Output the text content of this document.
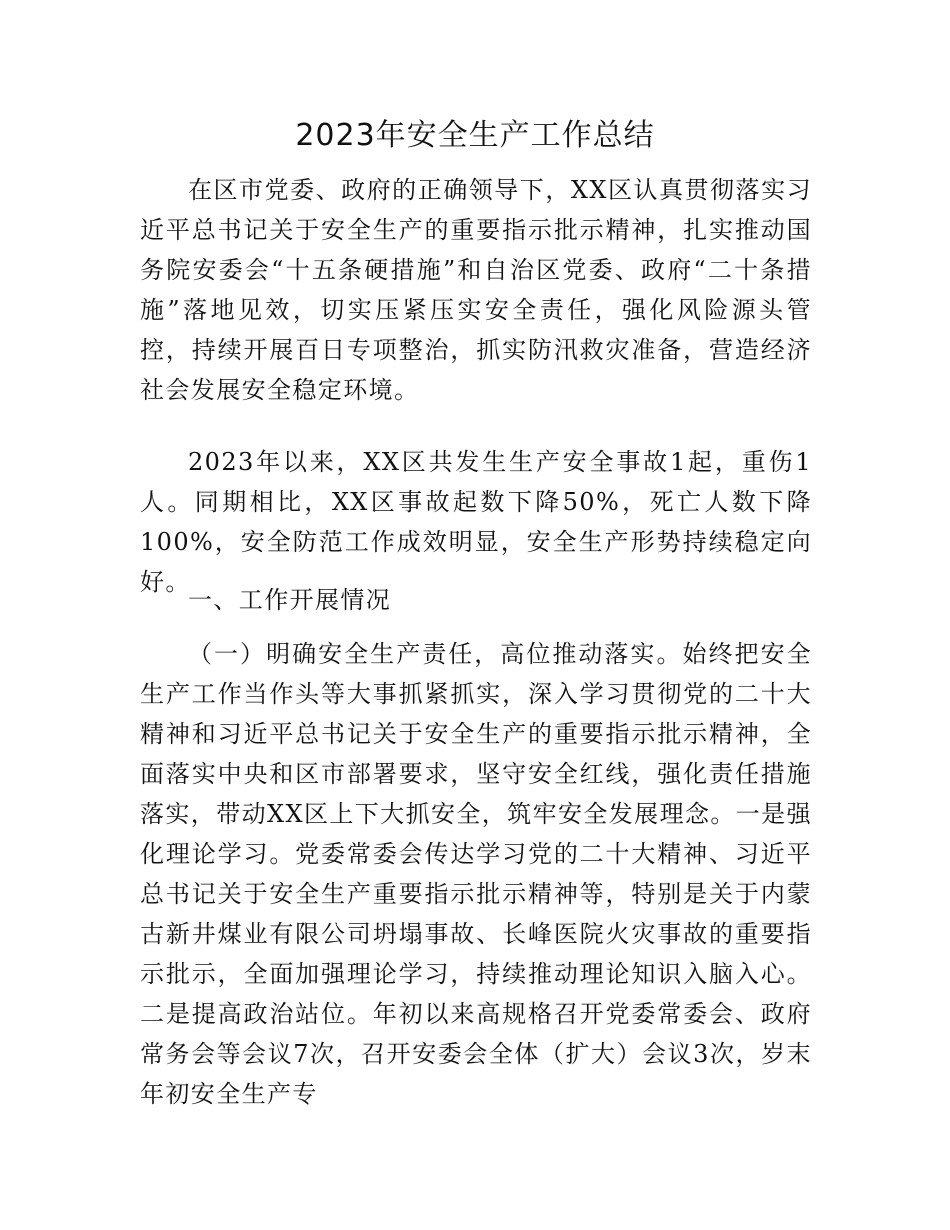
2023年安全生产工作总结

在区市党委、政府的正确领导下，XX区认真贯彻落实习近平总书记关于安全生产的重要指示批示精神，扎实推动国务院安委会“十五条硬措施”和自治区党委、政府“二十条措施”落地见效，切实压紧压实安全责任，强化风险源头管控，持续开展百日专项整治，抓实防汛救灾准备，营造经济社会发展安全稳定环境。

2023年以来，XX区共发生生产安全事故1起，重伤1人。同期相比，XX区事故起数下降50%，死亡人数下降100%，安全防范工作成效明显，安全生产形势持续稳定向好。

一、工作开展情况

（一）明确安全生产责任，高位推动落实。始终把安全生产工作当作头等大事抓紧抓实，深入学习贯彻党的二十大精神和习近平总书记关于安全生产的重要指示批示精神，全面落实中央和区市部署要求，坚守安全红线，强化责任措施落实，带动XX区上下大抓安全，筑牢安全发展理念。一是强化理论学习。党委常委会传达学习党的二十大精神、习近平总书记关于安全生产重要指示批示精神等，特别是关于内蒙古新井煤业有限公司坍塌事故、长峰医院火灾事故的重要指示批示，全面加强理论学习，持续推动理论知识入脑入心。二是提高政治站位。年初以来高规格召开党委常委会、政府常务会等会议7次，召开安委会全体（扩大）会议3次，岁末年初安全生产专
